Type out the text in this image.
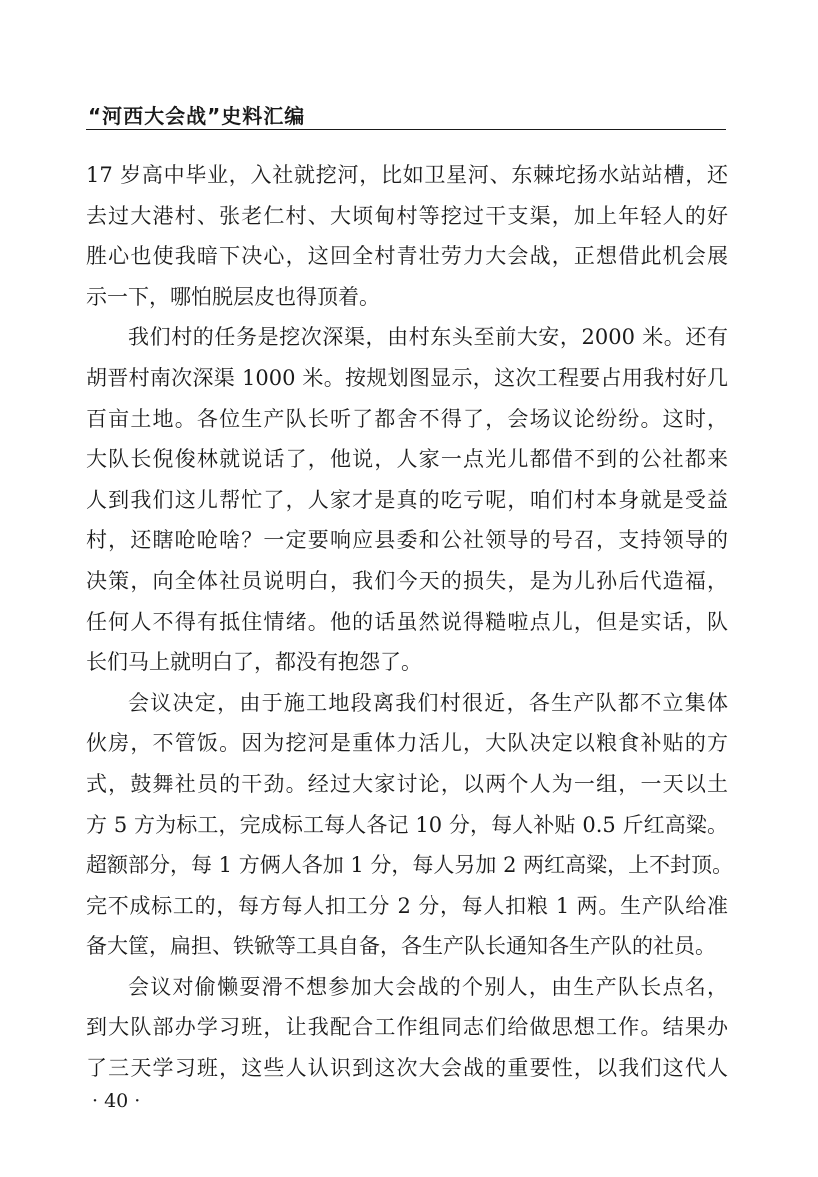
“河西大会战”史料汇编
17 岁高中毕业，入社就挖河，比如卫星河、东棘坨扬水站站槽，还
去过大港村、张老仁村、大顷甸村等挖过干支渠，加上年轻人的好
胜心也使我暗下决心，这回全村青壮劳力大会战，正想借此机会展
示一下，哪怕脱层皮也得顶着。
我们村的任务是挖次深渠，由村东头至前大安，2000 米。还有
胡晋村南次深渠 1000 米。按规划图显示，这次工程要占用我村好几
百亩土地。各位生产队长听了都舍不得了，会场议论纷纷。这时，
大队长倪俊林就说话了，他说，人家一点光儿都借不到的公社都来
人到我们这儿帮忙了，人家才是真的吃亏呢，咱们村本身就是受益
村，还瞎呛呛啥？一定要响应县委和公社领导的号召，支持领导的
决策，向全体社员说明白，我们今天的损失，是为儿孙后代造福，
任何人不得有抵住情绪。他的话虽然说得糙啦点儿，但是实话，队
长们马上就明白了，都没有抱怨了。
会议决定，由于施工地段离我们村很近，各生产队都不立集体
伙房，不管饭。因为挖河是重体力活儿，大队决定以粮食补贴的方
式，鼓舞社员的干劲。经过大家讨论，以两个人为一组，一天以土
方 5 方为标工，完成标工每人各记 10 分，每人补贴 0.5 斤红高粱。
超额部分，每 1 方俩人各加 1 分，每人另加 2 两红高粱，上不封顶。
完不成标工的，每方每人扣工分 2 分，每人扣粮 1 两。生产队给准
备大筐，扁担、铁锨等工具自备，各生产队长通知各生产队的社员。
会议对偷懒耍滑不想参加大会战的个别人，由生产队长点名，
到大队部办学习班，让我配合工作组同志们给做思想工作。结果办
了三天学习班，这些人认识到这次大会战的重要性，以我们这代人
· 40 ·
